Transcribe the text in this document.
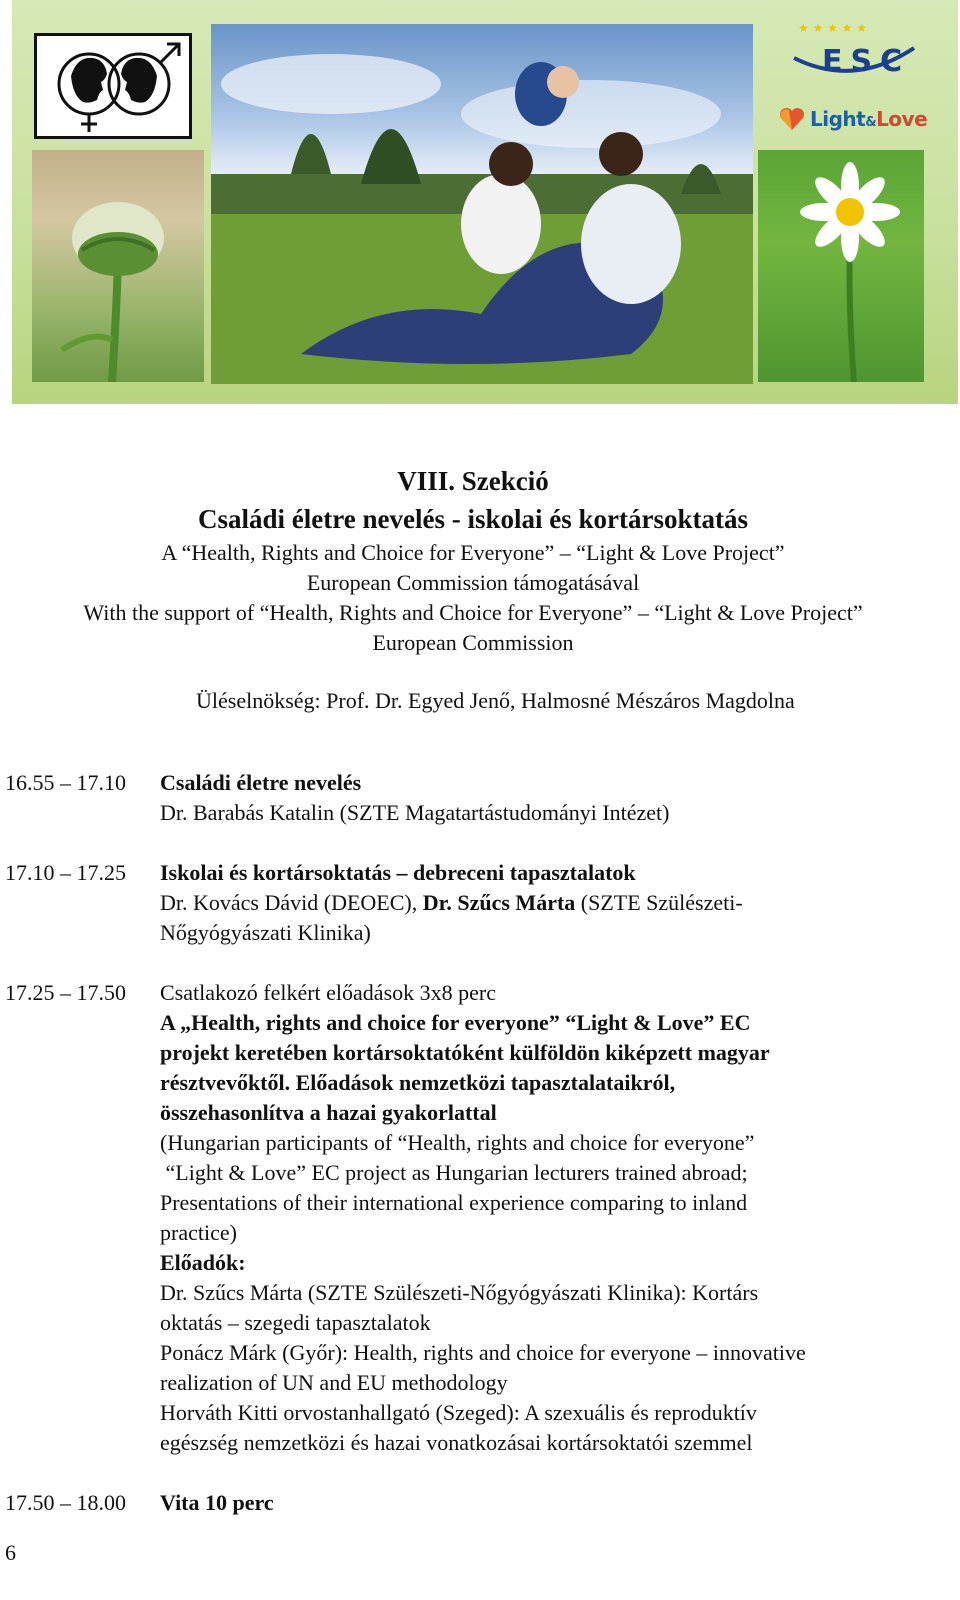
★ ★ ★ ★ ★
ESC
Light&Love
VIII. Szekció
Családi életre nevelés - iskolai és kortársoktatás
A “Health, Rights and Choice for Everyone” – “Light & Love Project”
European Commission támogatásával
With the support of “Health, Rights and Choice for Everyone” – “Light & Love Project”
European Commission
Üléselnökség: Prof. Dr. Egyed Jenő, Halmosné Mészáros Magdolna
16.55 – 17.10 Családi életre nevelés
Dr. Barabás Katalin (SZTE Magatartástudományi Intézet)
17.10 – 17.25 Iskolai és kortársoktatás – debreceni tapasztalatok
Dr. Kovács Dávid (DEOEC), Dr. Szűcs Márta (SZTE Szülészeti-
Nőgyógyászati Klinika)
17.25 – 17.50 Csatlakozó felkért előadások 3x8 perc
A „Health, rights and choice for everyone” “Light & Love” EC
projekt keretében kortársoktatóként külföldön kiképzett magyar
résztvevőktől. Előadások nemzetközi tapasztalataikról,
összehasonlítva a hazai gyakorlattal
(Hungarian participants of “Health, rights and choice for everyone”
“Light & Love” EC project as Hungarian lecturers trained abroad;
Presentations of their international experience comparing to inland
practice)
Előadók:
Dr. Szűcs Márta (SZTE Szülészeti-Nőgyógyászati Klinika): Kortárs
oktatás – szegedi tapasztalatok
Ponácz Márk (Győr): Health, rights and choice for everyone – innovative
realization of UN and EU methodology
Horváth Kitti orvostanhallgató (Szeged): A szexuális és reproduktív
egészség nemzetközi és hazai vonatkozásai kortársoktatói szemmel
17.50 – 18.00 Vita 10 perc
6
